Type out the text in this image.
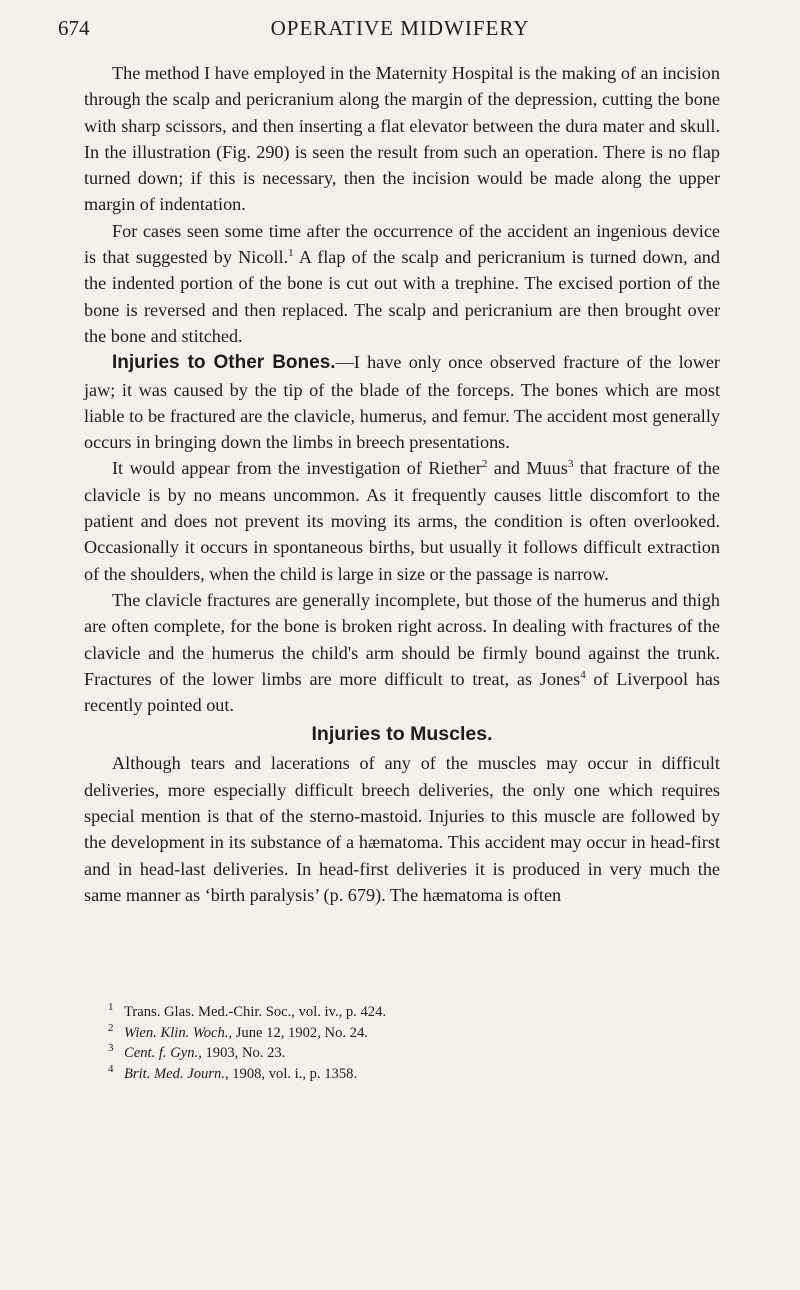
674	OPERATIVE MIDWIFERY

The method I have employed in the Maternity Hospital is the making of an incision through the scalp and pericranium along the margin of the depression, cutting the bone with sharp scissors, and then inserting a flat elevator between the dura mater and skull. In the illustration (Fig. 290) is seen the result from such an operation. There is no flap turned down; if this is necessary, then the incision would be made along the upper margin of indentation.

For cases seen some time after the occurrence of the accident an ingenious device is that suggested by Nicoll.$^1$ A flap of the scalp and pericranium is turned down, and the indented portion of the bone is cut out with a trephine. The excised portion of the bone is reversed and then replaced. The scalp and pericranium are then brought over the bone and stitched.

Injuries to Other Bones.—I have only once observed fracture of the lower jaw; it was caused by the tip of the blade of the forceps. The bones which are most liable to be fractured are the clavicle, humerus, and femur. The accident most generally occurs in bringing down the limbs in breech presentations.

It would appear from the investigation of Riether$^2$ and Muus$^3$ that fracture of the clavicle is by no means uncommon. As it frequently causes little discomfort to the patient and does not prevent its moving its arms, the condition is often overlooked. Occasionally it occurs in spontaneous births, but usually it follows difficult extraction of the shoulders, when the child is large in size or the passage is narrow.

The clavicle fractures are generally incomplete, but those of the humerus and thigh are often complete, for the bone is broken right across. In dealing with fractures of the clavicle and the humerus the child's arm should be firmly bound against the trunk. Fractures of the lower limbs are more difficult to treat, as Jones$^4$ of Liverpool has recently pointed out.

Injuries to Muscles.

Although tears and lacerations of any of the muscles may occur in difficult deliveries, more especially difficult breech deliveries, the only one which requires special mention is that of the sterno-mastoid. Injuries to this muscle are followed by the development in its substance of a hæmatoma. This accident may occur in head-first and in head-last deliveries. In head-first deliveries it is produced in very much the same manner as ‘birth paralysis’ (p. 679). The hæmatoma is often

1 Trans. Glas. Med.-Chir. Soc., vol. iv., p. 424.
2 Wien. Klin. Woch., June 12, 1902, No. 24.
3 Cent. f. Gyn., 1903, No. 23.
4 Brit. Med. Journ., 1908, vol. i., p. 1358.
